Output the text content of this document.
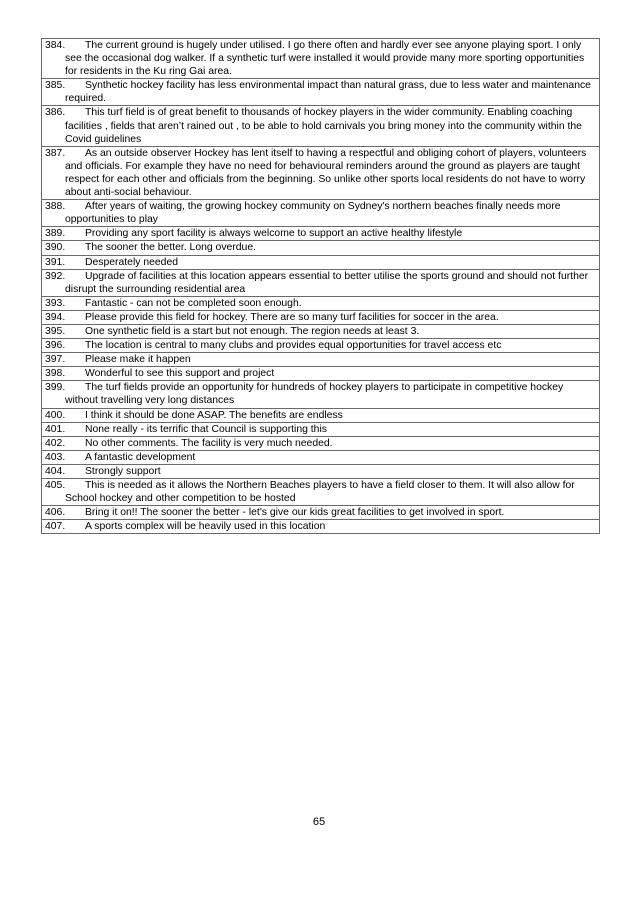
384. The current ground is hugely under utilised. I go there often and hardly ever see anyone playing sport. I only see the occasional dog walker. If a synthetic turf were installed it would provide many more sporting opportunities for residents in the Ku ring Gai area.

385. Synthetic hockey facility has less environmental impact than natural grass, due to less water and maintenance required.

386. This turf field is of great benefit to thousands of hockey players in the wider community. Enabling coaching facilities , fields that aren’t rained out , to be able to hold carnivals you bring money into the community within the Covid guidelines

387. As an outside observer Hockey has lent itself to having a respectful and obliging cohort of players, volunteers and officials. For example they have no need for behavioural reminders around the ground as players are taught respect for each other and officials from the beginning. So unlike other sports local residents do not have to worry about anti-social behaviour.

388. After years of waiting, the growing hockey community on Sydney's northern beaches finally needs more opportunities to play

389. Providing any sport facility is always welcome to support an active healthy lifestyle

390. The sooner the better. Long overdue.

391. Desperately needed

392. Upgrade of facilities at this location appears essential to better utilise the sports ground and should not further disrupt the surrounding residential area

393. Fantastic - can not be completed soon enough.

394. Please provide this field for hockey. There are so many turf facilities for soccer in the area.

395. One synthetic field is a start but not enough. The region needs at least 3.

396. The location is central to many clubs and provides equal opportunities for travel access etc

397. Please make it happen

398. Wonderful to see this support and project

399. The turf fields provide an opportunity for hundreds of hockey players to participate in competitive hockey without travelling very long distances

400. I think it should be done ASAP. The benefits are endless

401. None really - its terrific that Council is supporting this

402. No other comments. The facility is very much needed.

403. A fantastic development

404. Strongly support

405. This is needed as it allows the Northern Beaches players to have a field closer to them. It will also allow for School hockey and other competition to be hosted

406. Bring it on!! The sooner the better - let's give our kids great facilities to get involved in sport.

407. A sports complex will be heavily used in this location
65
